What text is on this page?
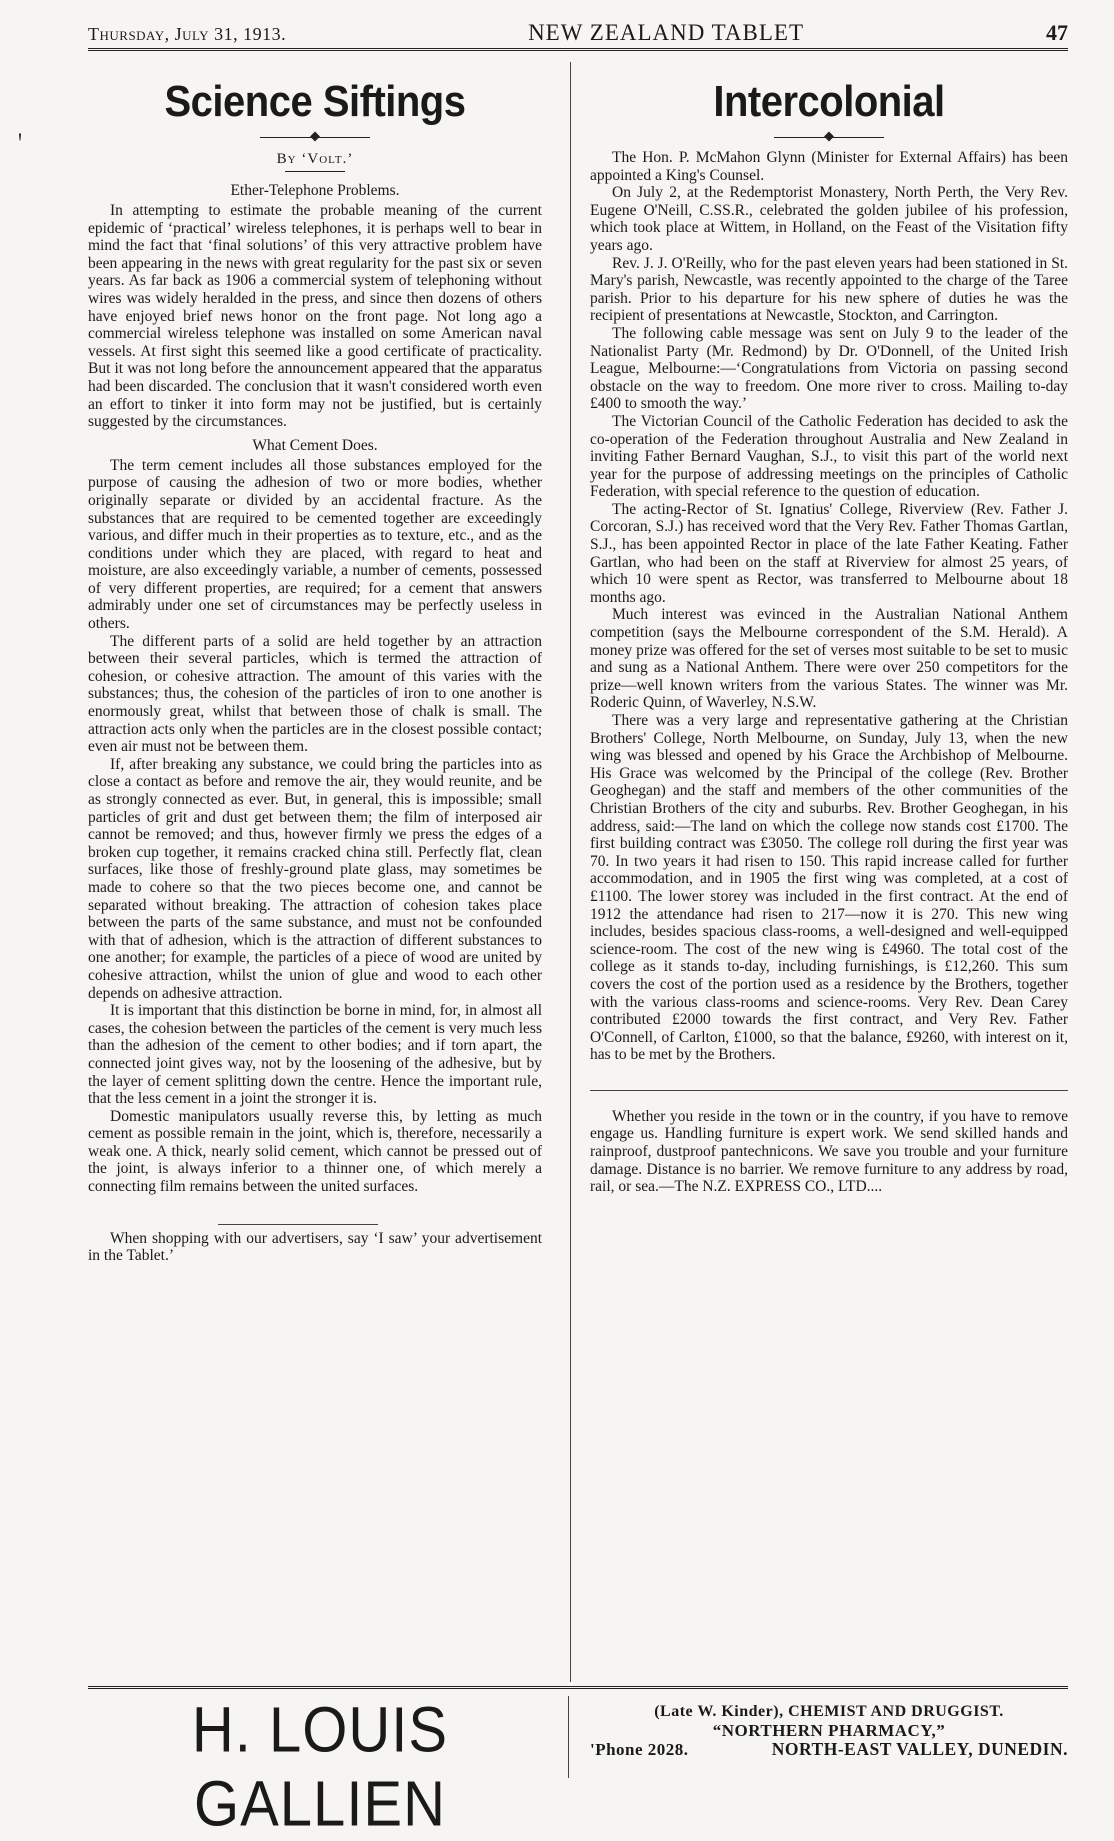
Thursday, July 31, 1913.	NEW ZEALAND TABLET	47
Science Siftings
By ‘Volt.’
Ether-Telephone Problems.

In attempting to estimate the probable meaning of the current epidemic of ‘practical’ wireless telephones, it is perhaps well to bear in mind the fact that ‘final solutions’ of this very attractive problem have been appearing in the news with great regularity for the past six or seven years. As far back as 1906 a commercial system of telephoning without wires was widely heralded in the press, and since then dozens of others have enjoyed brief news honor on the front page. Not long ago a commercial wireless telephone was installed on some American naval vessels. At first sight this seemed like a good certificate of practicality. But it was not long before the announcement appeared that the apparatus had been discarded. The conclusion that it wasn't considered worth even an effort to tinker it into form may not be justified, but is certainly suggested by the circumstances.

What Cement Does.

The term cement includes all those substances employed for the purpose of causing the adhesion of two or more bodies, whether originally separate or divided by an accidental fracture. As the substances that are required to be cemented together are exceedingly various, and differ much in their properties as to texture, etc., and as the conditions under which they are placed, with regard to heat and moisture, are also exceedingly variable, a number of cements, possessed of very different properties, are required; for a cement that answers admirably under one set of circumstances may be perfectly useless in others.

The different parts of a solid are held together by an attraction between their several particles, which is termed the attraction of cohesion, or cohesive attraction. The amount of this varies with the substances; thus, the cohesion of the particles of iron to one another is enormously great, whilst that between those of chalk is small. The attraction acts only when the particles are in the closest possible contact; even air must not be between them.

If, after breaking any substance, we could bring the particles into as close a contact as before and remove the air, they would reunite, and be as strongly connected as ever. But, in general, this is impossible; small particles of grit and dust get between them; the film of interposed air cannot be removed; and thus, however firmly we press the edges of a broken cup together, it remains cracked china still. Perfectly flat, clean surfaces, like those of freshly-ground plate glass, may sometimes be made to cohere so that the two pieces become one, and cannot be separated without breaking. The attraction of cohesion takes place between the parts of the same substance, and must not be confounded with that of adhesion, which is the attraction of different substances to one another; for example, the particles of a piece of wood are united by cohesive attraction, whilst the union of glue and wood to each other depends on adhesive attraction.

It is important that this distinction be borne in mind, for, in almost all cases, the cohesion between the particles of the cement is very much less than the adhesion of the cement to other bodies; and if torn apart, the connected joint gives way, not by the loosening of the adhesive, but by the layer of cement splitting down the centre. Hence the important rule, that the less cement in a joint the stronger it is.

Domestic manipulators usually reverse this, by letting as much cement as possible remain in the joint, which is, therefore, necessarily a weak one. A thick, nearly solid cement, which cannot be pressed out of the joint, is always inferior to a thinner one, of which merely a connecting film remains between the united surfaces.

When shopping with our advertisers, say ‘I saw’ your advertisement in the Tablet.’

Intercolonial

The Hon. P. McMahon Glynn (Minister for External Affairs) has been appointed a King's Counsel.

On July 2, at the Redemptorist Monastery, North Perth, the Very Rev. Eugene O'Neill, C.SS.R., celebrated the golden jubilee of his profession, which took place at Wittem, in Holland, on the Feast of the Visitation fifty years ago.

Rev. J. J. O'Reilly, who for the past eleven years had been stationed in St. Mary's parish, Newcastle, was recently appointed to the charge of the Taree parish. Prior to his departure for his new sphere of duties he was the recipient of presentations at Newcastle, Stockton, and Carrington.

The following cable message was sent on July 9 to the leader of the Nationalist Party (Mr. Redmond) by Dr. O'Donnell, of the United Irish League, Melbourne:—‘Congratulations from Victoria on passing second obstacle on the way to freedom. One more river to cross. Mailing to-day £400 to smooth the way.’

The Victorian Council of the Catholic Federation has decided to ask the co-operation of the Federation throughout Australia and New Zealand in inviting Father Bernard Vaughan, S.J., to visit this part of the world next year for the purpose of addressing meetings on the principles of Catholic Federation, with special reference to the question of education.

The acting-Rector of St. Ignatius' College, Riverview (Rev. Father J. Corcoran, S.J.) has received word that the Very Rev. Father Thomas Gartlan, S.J., has been appointed Rector in place of the late Father Keating. Father Gartlan, who had been on the staff at Riverview for almost 25 years, of which 10 were spent as Rector, was transferred to Melbourne about 18 months ago.

Much interest was evinced in the Australian National Anthem competition (says the Melbourne correspondent of the S.M. Herald). A money prize was offered for the set of verses most suitable to be set to music and sung as a National Anthem. There were over 250 competitors for the prize—well known writers from the various States. The winner was Mr. Roderic Quinn, of Waverley, N.S.W.

There was a very large and representative gathering at the Christian Brothers' College, North Melbourne, on Sunday, July 13, when the new wing was blessed and opened by his Grace the Archbishop of Melbourne. His Grace was welcomed by the Principal of the college (Rev. Brother Geoghegan) and the staff and members of the other communities of the Christian Brothers of the city and suburbs. Rev. Brother Geoghegan, in his address, said:—The land on which the college now stands cost £1700. The first building contract was £3050. The college roll during the first year was 70. In two years it had risen to 150. This rapid increase called for further accommodation, and in 1905 the first wing was completed, at a cost of £1100. The lower storey was included in the first contract. At the end of 1912 the attendance had risen to 217—now it is 270. This new wing includes, besides spacious class-rooms, a well-designed and well-equipped science-room. The cost of the new wing is £4960. The total cost of the college as it stands to-day, including furnishings, is £12,260. This sum covers the cost of the portion used as a residence by the Brothers, together with the various class-rooms and science-rooms. Very Rev. Dean Carey contributed £2000 towards the first contract, and Very Rev. Father O'Connell, of Carlton, £1000, so that the balance, £9260, with interest on it, has to be met by the Brothers.

Whether you reside in the town or in the country, if you have to remove engage us. Handling furniture is expert work. We send skilled hands and rainproof, dustproof pantechnicons. We save you trouble and your furniture damage. Distance is no barrier. We remove furniture to any address by road, rail, or sea.—The N.Z. EXPRESS CO., LTD....

H. LOUIS GALLIEN
(Late W. Kinder), CHEMIST AND DRUGGIST.
“NORTHERN PHARMACY,”
'Phone 2028.	NORTH-EAST VALLEY, DUNEDIN.
ꞌ
